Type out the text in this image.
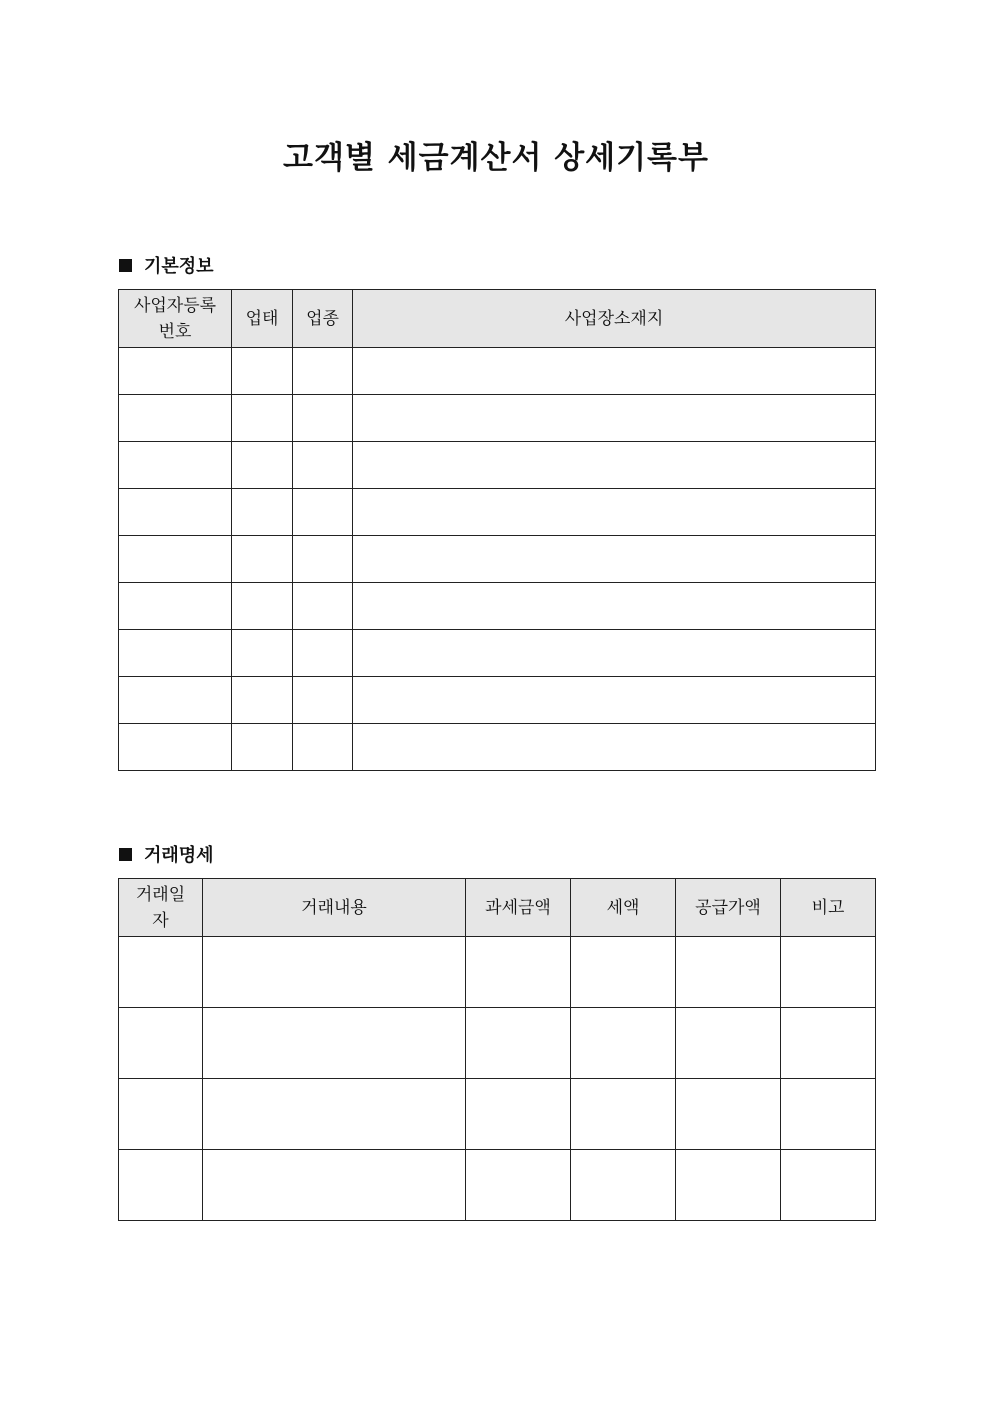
고객별 세금계산서 상세기록부
기본정보
사업자등록
번호	업태	업종	사업장소재지

거래명세
거래일
자	거래내용	과세금액	세액	공급가액	비고
